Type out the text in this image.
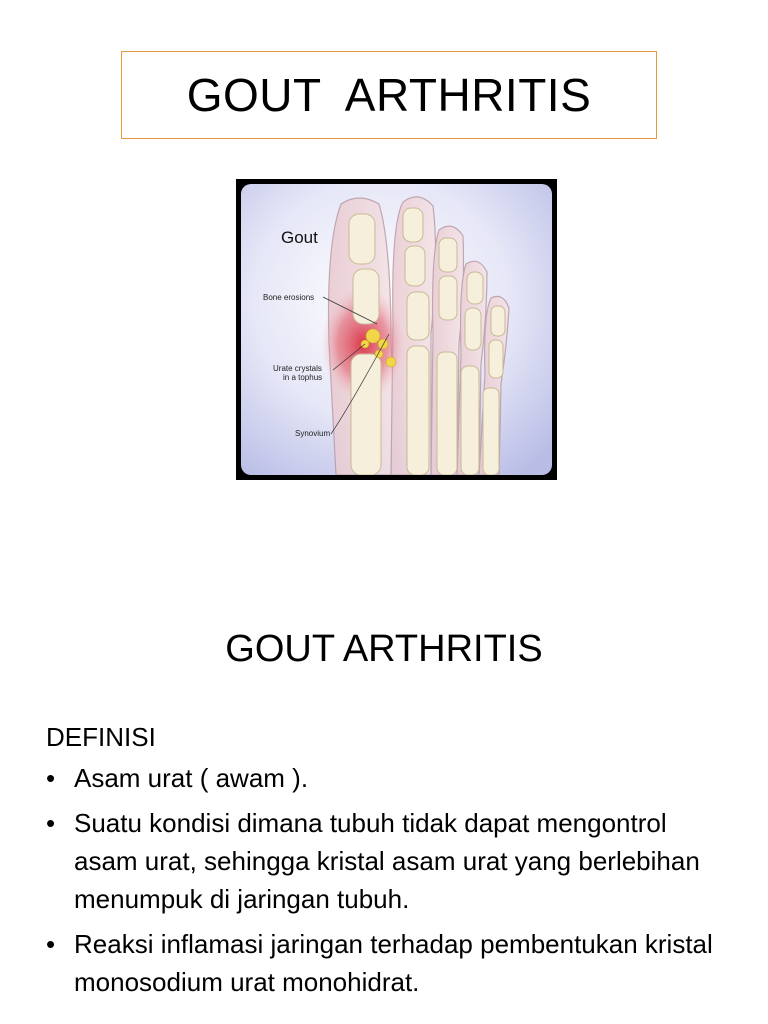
GOUT  ARTHRITIS
Gout
Bone erosions
Urate crystals
in a tophus
Synovium
GOUT ARTHRITIS
DEFINISI
• Asam urat ( awam ).
• Suatu kondisi dimana tubuh tidak dapat mengontrol asam urat, sehingga kristal asam urat yang berlebihan menumpuk di jaringan tubuh.
• Reaksi inflamasi jaringan terhadap pembentukan kristal monosodium urat monohidrat.
